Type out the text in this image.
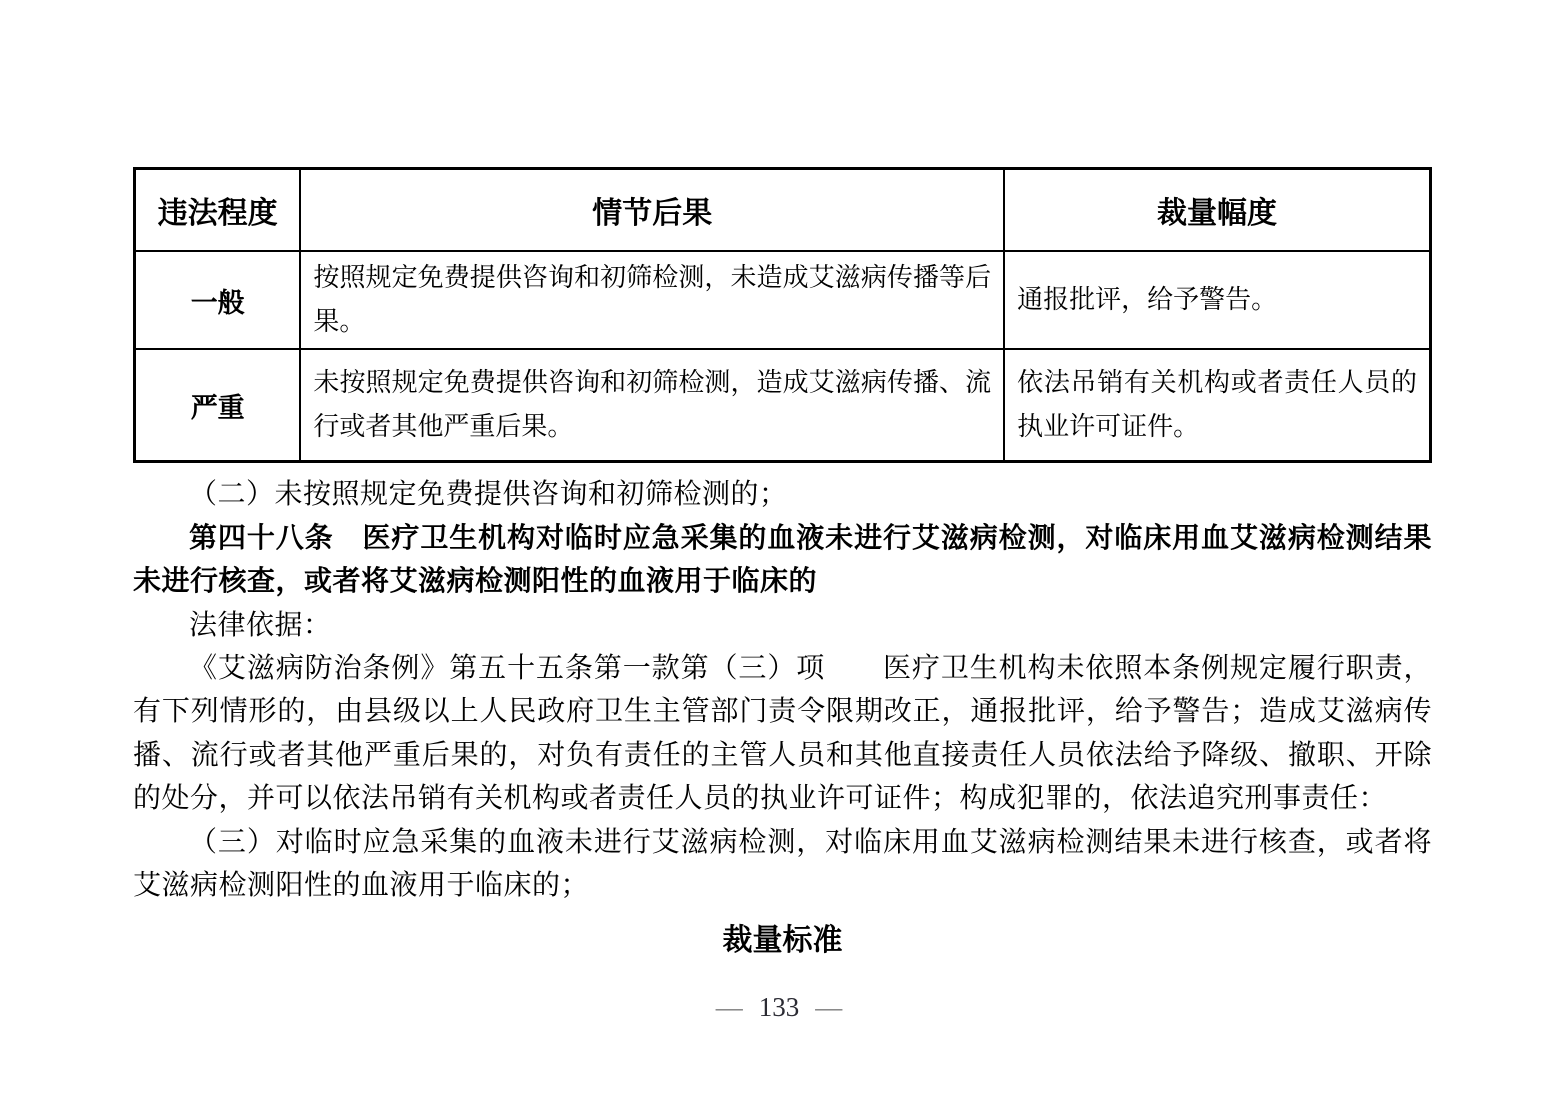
违法程度	情节后果	裁量幅度
一般	按照规定免费提供咨询和初筛检测，未造成艾滋病传播等后果。	通报批评，给予警告。
严重	未按照规定免费提供咨询和初筛检测，造成艾滋病传播、流行或者其他严重后果。	依法吊销有关机构或者责任人员的执业许可证件。

（二）未按照规定免费提供咨询和初筛检测的；

第四十八条　医疗卫生机构对临时应急采集的血液未进行艾滋病检测，对临床用血艾滋病检测结果未进行核查，或者将艾滋病检测阳性的血液用于临床的

法律依据：

《艾滋病防治条例》第五十五条第一款第（三）项　　医疗卫生机构未依照本条例规定履行职责，有下列情形的，由县级以上人民政府卫生主管部门责令限期改正，通报批评，给予警告；造成艾滋病传播、流行或者其他严重后果的，对负有责任的主管人员和其他直接责任人员依法给予降级、撤职、开除的处分，并可以依法吊销有关机构或者责任人员的执业许可证件；构成犯罪的，依法追究刑事责任：

（三）对临时应急采集的血液未进行艾滋病检测，对临床用血艾滋病检测结果未进行核查，或者将艾滋病检测阳性的血液用于临床的；

裁量标准
— 133 —
